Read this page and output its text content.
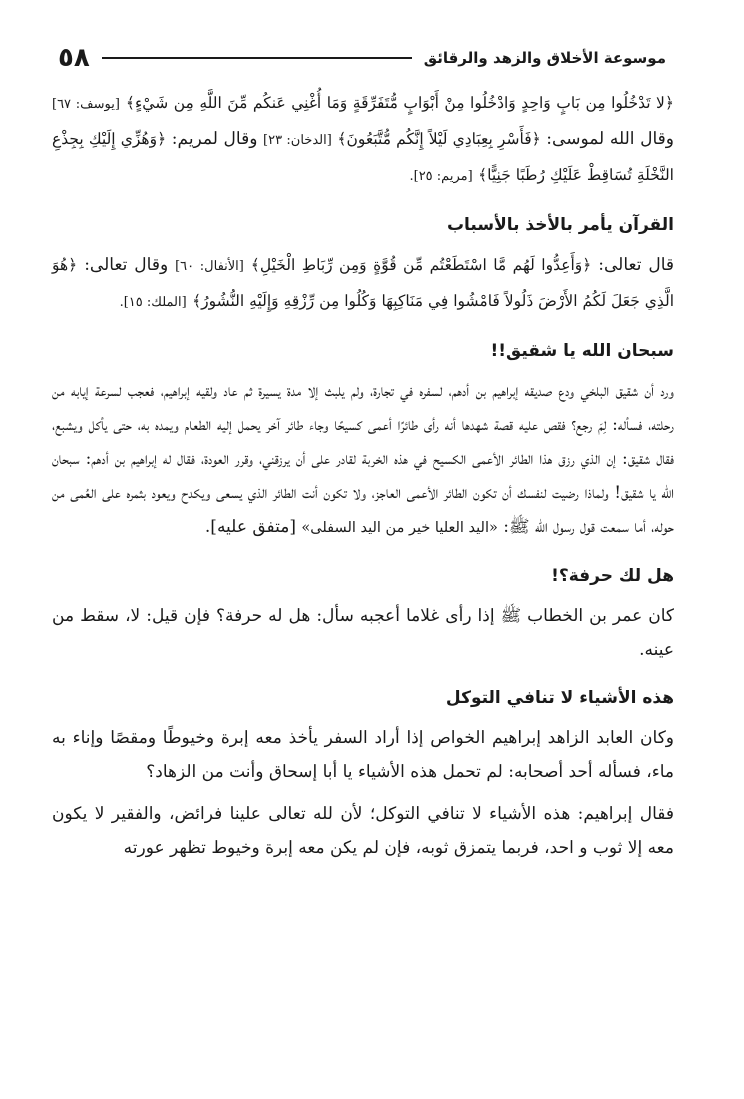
موسوعة الأخلاق والزهد والرقائق
٥٨

﴿لا تَدْخُلُوا مِن بَابٍ وَاحِدٍ وَادْخُلُوا مِنْ أَبْوَابٍ مُّتَفَرِّقَةٍ وَمَا أُغْنِي عَنكُم مِّنَ اللَّهِ مِن شَيْءٍ﴾ [يوسف: ٦٧] وقال الله لموسى: ﴿فَأَسْرِ بِعِبَادِي لَيْلاً إِنَّكُم مُّتَّبَعُونَ﴾ [الدخان: ٢٣] وقال لمريم: ﴿وَهُزِّي إِلَيْكِ بِجِذْعِ النَّخْلَةِ تُسَاقِطْ عَلَيْكِ رُطَبًا جَنِيًّا﴾ [مريم: ٢٥].

القرآن يأمر بالأخذ بالأسباب

قال تعالى: ﴿وَأَعِدُّوا لَهُم مَّا اسْتَطَعْتُم مِّن قُوَّةٍ وَمِن رِّبَاطِ الْخَيْلِ﴾ [الأنفال: ٦٠] وقال تعالى: ﴿هُوَ الَّذِي جَعَلَ لَكُمُ الأَرْضَ ذَلُولاً فَامْشُوا فِي مَنَاكِبِهَا وَكُلُوا مِن رِّزْقِهِ وَإِلَيْهِ النُّشُورُ﴾ [الملك: ١٥].

سبحان الله يا شقيق!!

ورد أن شقيق البلخي ودع صديقه إبراهيم بن أدهم، لسفره في تجارة، ولم يلبث إلا مدة يسيرة ثم عاد ولقيه إبراهيم، فعجب لسرعة إيابه من رحلته، فسأله: لِمَ رجع؟ فقص عليه قصة شهدها أنه رأى طائرًا أعمى كسيحًا وجاء طائر آخر يحمل إليه الطعام ويمده به، حتى يأكل ويشبع، فقال شقيق: إن الذي رزق هذا الطائر الأعمى الكسيح في هذه الخربة لقادر على أن يرزقني، وقرر العودة، فقال له إبراهيم بن أدهم: سبحان الله يا شقيق! ولماذا رضيت لنفسك أن تكون الطائر الأعمى العاجز، ولا تكون أنت الطائر الذي يسعى ويكدح ويعود بثمره على العُمى من حوله، أما سمعت قول رسول الله ﷺ: «اليد العليا خير من اليد السفلى» [متفق عليه].

هل لك حرفة؟!

كان عمر بن الخطاب ﷺ إذا رأى غلاما أعجبه سأل: هل له حرفة؟ فإن قيل: لا، سقط من عينه.

هذه الأشياء لا تنافي التوكل

وكان العابد الزاهد إبراهيم الخواص إذا أراد السفر يأخذ معه إبرة وخيوطًا ومقصًا وإناء به ماء، فسأله أحد أصحابه: لم تحمل هذه الأشياء يا أبا إسحاق وأنت من الزهاد؟

فقال إبراهيم: هذه الأشياء لا تنافي التوكل؛ لأن لله تعالى علينا فرائض، والفقير لا يكون معه إلا ثوب و احد، فربما يتمزق ثوبه، فإن لم يكن معه إبرة وخيوط تظهر عورته
